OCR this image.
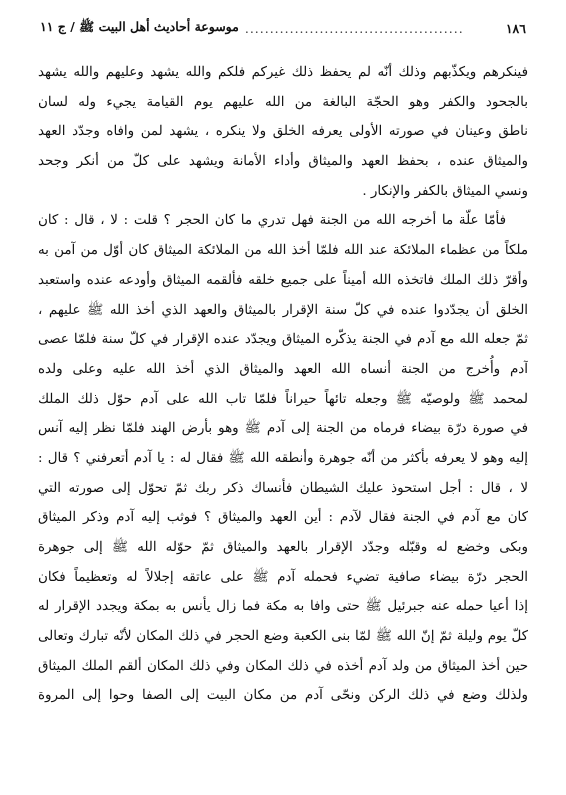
١٨٦
............................................
موسوعة أحاديث أهل البيت ﷺ / ج ١١
فينكرهم ويكذّبهم وذلك أنّه لم يحفظ ذلك غيركم فلكم والله يشهد وعليهم والله يشهد
بالجحود والكفر وهو الحجّة البالغة من الله عليهم يوم القيامة يجيء وله لسان
ناطق وعينان في صورته الأولى يعرفه الخلق ولا ينكره ، يشهد لمن وافاه وجدّد العهد
والميثاق عنده ، بحفظ العهد والميثاق وأداء الأمانة ويشهد على كلّ من أنكر وجحد
ونسي الميثاق بالكفر والإنكار .
فأمّا علّة ما أخرجه الله من الجنة فهل تدري ما كان الحجر ؟ قلت : لا ، قال : كان
ملكاً من عظماء الملائكة عند الله فلمّا أخذ الله من الملائكة الميثاق كان أوّل من آمن به
وأقرّ ذلك الملك فاتخذه الله أميناً على جميع خلقه فألقمه الميثاق وأودعه عنده واستعبد
الخلق أن يجدّدوا عنده في كلّ سنة الإقرار بالميثاق والعهد الذي أخذ الله ﷺ عليهم ،
ثمّ جعله الله مع آدم في الجنة يذكّره الميثاق ويجدّد عنده الإقرار في كلّ سنة فلمّا عصى
آدم وأُخرج من الجنة أنساه الله العهد والميثاق الذي أخذ الله عليه وعلى ولده
لمحمد ﷺ ولوصيّه ﷺ وجعله تائهاً حيراناً فلمّا تاب الله على آدم حوّل ذلك الملك
في صورة درّة بيضاء فرماه من الجنة إلى آدم ﷺ وهو بأرض الهند فلمّا نظر إليه آنس
إليه وهو لا يعرفه بأكثر من أنّه جوهرة وأنطقه الله ﷺ فقال له : يا آدم أتعرفني ؟ قال :
لا ، قال : أجل استحوذ عليك الشيطان فأنساك ذكر ربك ثمّ تحوّل إلى صورته التي
كان مع آدم في الجنة فقال لآدم : أين العهد والميثاق ؟ فوثب إليه آدم وذكر الميثاق
وبكى وخضع له وقبّله وجدّد الإقرار بالعهد والميثاق ثمّ حوّله الله ﷺ إلى جوهرة
الحجر درّة بيضاء صافية تضيء فحمله آدم ﷺ على عاتقه إجلالاً له وتعظيماً فكان
إذا أعيا حمله عنه جبرئيل ﷺ حتى وافا به مكة فما زال يأنس به بمكة ويجدد الإقرار له
كلّ يوم وليلة ثمّ إنّ الله ﷺ لمّا بنى الكعبة وضع الحجر في ذلك المكان لأنّه تبارك وتعالى
حين أخذ الميثاق من ولد آدم أخذه في ذلك المكان وفي ذلك المكان ألقم الملك الميثاق
ولذلك وضع في ذلك الركن ونحّى آدم من مكان البيت إلى الصفا وحوا إلى المروة
